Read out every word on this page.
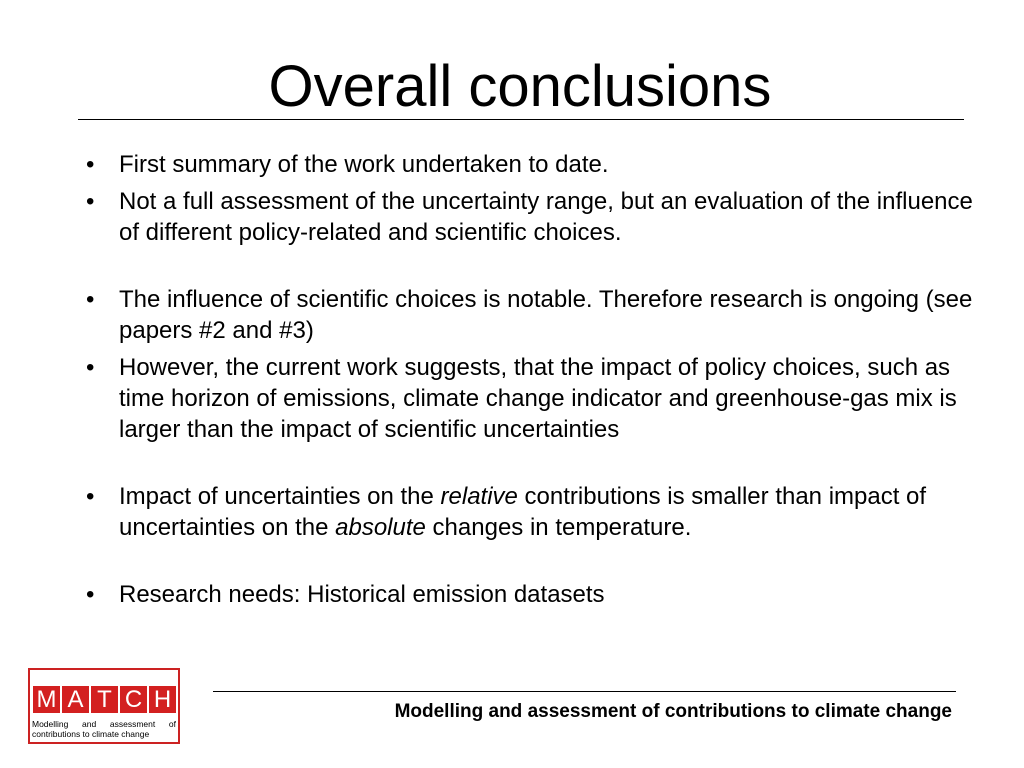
Overall conclusions
• First summary of the work undertaken to date.
• Not a full assessment of the uncertainty range, but an evaluation of the influence of different policy-related and scientific choices.
• The influence of scientific choices is notable. Therefore research is ongoing (see papers #2 and #3)
• However, the current work suggests, that the impact of policy choices, such as time horizon of emissions, climate change indicator and greenhouse-gas mix is larger than the impact of scientific uncertainties
• Impact of uncertainties on the relative contributions is smaller than impact of uncertainties on the absolute changes in temperature.
• Research needs: Historical emission datasets
M A T C H
Modelling and assessment of
contributions to climate change
Modelling and assessment of contributions to climate change
